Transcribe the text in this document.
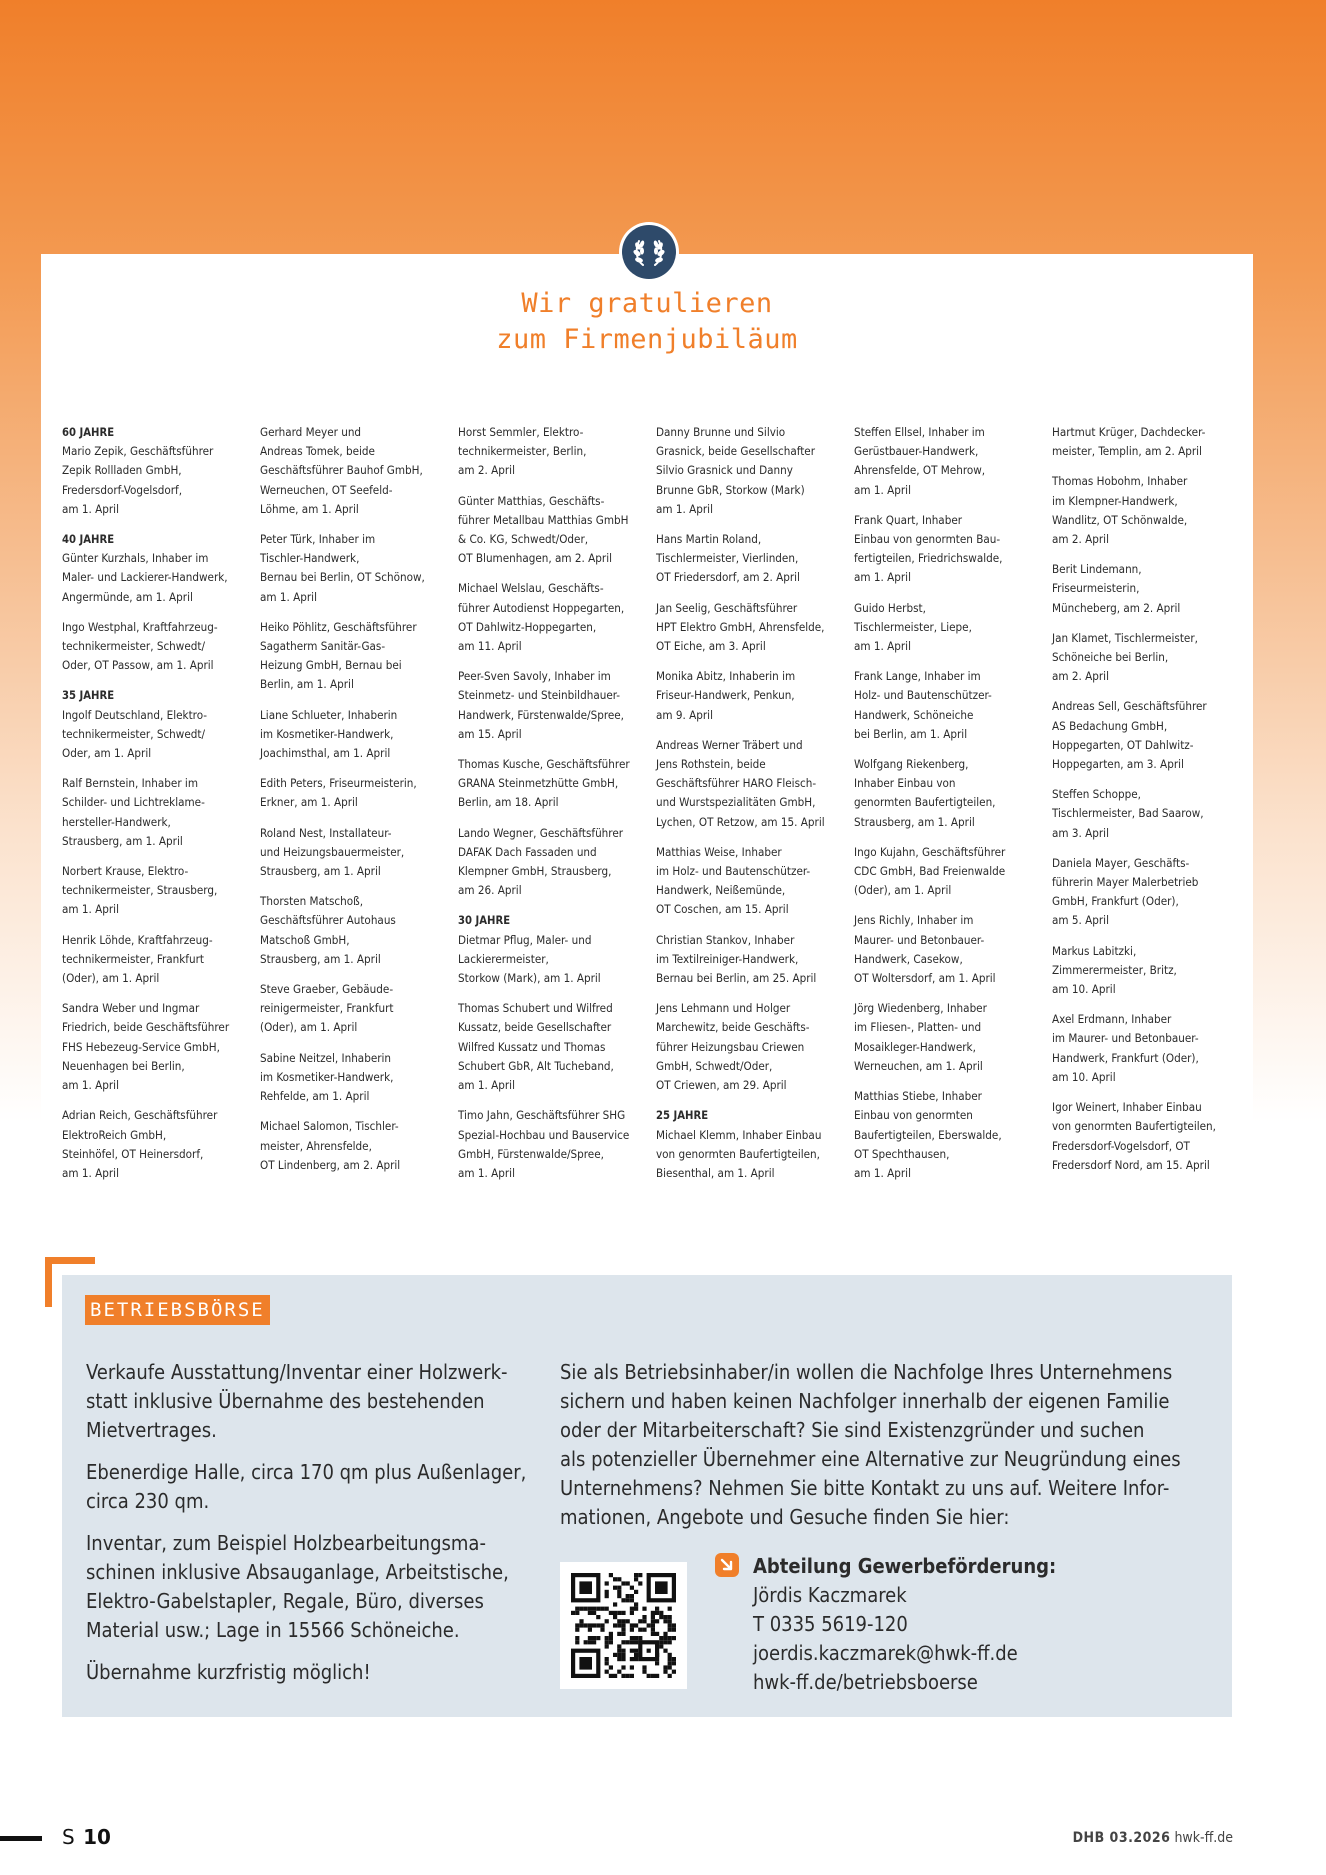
Wir gratulieren
zum Firmenjubiläum
60 JAHRE
Mario Zepik, Geschäftsführer
Zepik Rollladen GmbH,
Fredersdorf-Vogelsdorf,
am 1. April
40 JAHRE
Günter Kurzhals, Inhaber im
Maler- und Lackierer-Handwerk,
Angermünde, am 1. April
Ingo Westphal, Kraftfahrzeug-
technikermeister, Schwedt/
Oder, OT Passow, am 1. April
35 JAHRE
Ingolf Deutschland, Elektro-
technikermeister, Schwedt/
Oder, am 1. April
Ralf Bernstein, Inhaber im
Schilder- und Lichtreklame-
hersteller-Handwerk,
Strausberg, am 1. April
Norbert Krause, Elektro-
technikermeister, Strausberg,
am 1. April
Henrik Löhde, Kraftfahrzeug-
technikermeister, Frankfurt
(Oder), am 1. April
Sandra Weber und Ingmar
Friedrich, beide Geschäftsführer
FHS Hebezeug-Service GmbH,
Neuenhagen bei Berlin,
am 1. April
Adrian Reich, Geschäftsführer
ElektroReich GmbH,
Steinhöfel, OT Heinersdorf,
am 1. April
Gerhard Meyer und
Andreas Tomek, beide
Geschäftsführer Bauhof GmbH,
Werneuchen, OT Seefeld-
Löhme, am 1. April
Peter Türk, Inhaber im
Tischler-Handwerk,
Bernau bei Berlin, OT Schönow,
am 1. April
Heiko Pöhlitz, Geschäftsführer
Sagatherm Sanitär-Gas-
Heizung GmbH, Bernau bei
Berlin, am 1. April
Liane Schlueter, Inhaberin
im Kosmetiker-Handwerk,
Joachimsthal, am 1. April
Edith Peters, Friseurmeisterin,
Erkner, am 1. April
Roland Nest, Installateur-
und Heizungsbauermeister,
Strausberg, am 1. April
Thorsten Matschoß,
Geschäftsführer Autohaus
Matschoß GmbH,
Strausberg, am 1. April
Steve Graeber, Gebäude-
reinigermeister, Frankfurt
(Oder), am 1. April
Sabine Neitzel, Inhaberin
im Kosmetiker-Handwerk,
Rehfelde, am 1. April
Michael Salomon, Tischler-
meister, Ahrensfelde,
OT Lindenberg, am 2. April
Horst Semmler, Elektro-
technikermeister, Berlin,
am 2. April
Günter Matthias, Geschäfts-
führer Metallbau Matthias GmbH
& Co. KG, Schwedt/Oder,
OT Blumenhagen, am 2. April
Michael Welslau, Geschäfts-
führer Autodienst Hoppegarten,
OT Dahlwitz-Hoppegarten,
am 11. April
Peer-Sven Savoly, Inhaber im
Steinmetz- und Steinbildhauer-
Handwerk, Fürstenwalde/Spree,
am 15. April
Thomas Kusche, Geschäftsführer
GRANA Steinmetzhütte GmbH,
Berlin, am 18. April
Lando Wegner, Geschäftsführer
DAFAK Dach Fassaden und
Klempner GmbH, Strausberg,
am 26. April
30 JAHRE
Dietmar Pflug, Maler- und
Lackierermeister,
Storkow (Mark), am 1. April
Thomas Schubert und Wilfred
Kussatz, beide Gesellschafter
Wilfred Kussatz und Thomas
Schubert GbR, Alt Tucheband,
am 1. April
Timo Jahn, Geschäftsführer SHG
Spezial-Hochbau und Bauservice
GmbH, Fürstenwalde/Spree,
am 1. April
Danny Brunne und Silvio
Grasnick, beide Gesellschafter
Silvio Grasnick und Danny
Brunne GbR, Storkow (Mark)
am 1. April
Hans Martin Roland,
Tischlermeister, Vierlinden,
OT Friedersdorf, am 2. April
Jan Seelig, Geschäftsführer
HPT Elektro GmbH, Ahrensfelde,
OT Eiche, am 3. April
Monika Abitz, Inhaberin im
Friseur-Handwerk, Penkun,
am 9. April
Andreas Werner Träbert und
Jens Rothstein, beide
Geschäftsführer HARO Fleisch-
und Wurstspezialitäten GmbH,
Lychen, OT Retzow, am 15. April
Matthias Weise, Inhaber
im Holz- und Bautenschützer-
Handwerk, Neißemünde,
OT Coschen, am 15. April
Christian Stankov, Inhaber
im Textilreiniger-Handwerk,
Bernau bei Berlin, am 25. April
Jens Lehmann und Holger
Marchewitz, beide Geschäfts-
führer Heizungsbau Criewen
GmbH, Schwedt/Oder,
OT Criewen, am 29. April
25 JAHRE
Michael Klemm, Inhaber Einbau
von genormten Baufertigteilen,
Biesenthal, am 1. April
Steffen Ellsel, Inhaber im
Gerüstbauer-Handwerk,
Ahrensfelde, OT Mehrow,
am 1. April
Frank Quart, Inhaber
Einbau von genormten Bau-
fertigteilen, Friedrichswalde,
am 1. April
Guido Herbst,
Tischlermeister, Liepe,
am 1. April
Frank Lange, Inhaber im
Holz- und Bautenschützer-
Handwerk, Schöneiche
bei Berlin, am 1. April
Wolfgang Riekenberg,
Inhaber Einbau von
genormten Baufertigteilen,
Strausberg, am 1. April
Ingo Kujahn, Geschäftsführer
CDC GmbH, Bad Freienwalde
(Oder), am 1. April
Jens Richly, Inhaber im
Maurer- und Betonbauer-
Handwerk, Casekow,
OT Woltersdorf, am 1. April
Jörg Wiedenberg, Inhaber
im Fliesen-, Platten- und
Mosaikleger-Handwerk,
Werneuchen, am 1. April
Matthias Stiebe, Inhaber
Einbau von genormten
Baufertigteilen, Eberswalde,
OT Spechthausen,
am 1. April
Hartmut Krüger, Dachdecker-
meister, Templin, am 2. April
Thomas Hobohm, Inhaber
im Klempner-Handwerk,
Wandlitz, OT Schönwalde,
am 2. April
Berit Lindemann,
Friseurmeisterin,
Müncheberg, am 2. April
Jan Klamet, Tischlermeister,
Schöneiche bei Berlin,
am 2. April
Andreas Sell, Geschäftsführer
AS Bedachung GmbH,
Hoppegarten, OT Dahlwitz-
Hoppegarten, am 3. April
Steffen Schoppe,
Tischlermeister, Bad Saarow,
am 3. April
Daniela Mayer, Geschäfts-
führerin Mayer Malerbetrieb
GmbH, Frankfurt (Oder),
am 5. April
Markus Labitzki,
Zimmerermeister, Britz,
am 10. April
Axel Erdmann, Inhaber
im Maurer- und Betonbauer-
Handwerk, Frankfurt (Oder),
am 10. April
Igor Weinert, Inhaber Einbau
von genormten Baufertigteilen,
Fredersdorf-Vogelsdorf, OT
Fredersdorf Nord, am 15. April
BETRIEBSBÖRSE

Verkaufe Ausstattung/Inventar einer Holzwerk-
statt inklusive Übernahme des bestehenden
Mietvertrages.

Ebenerdige Halle, circa 170 qm plus Außenlager,
circa 230 qm.

Inventar, zum Beispiel Holzbearbeitungsma-
schinen inklusive Absauganlage, Arbeitstische,
Elektro-Gabelstapler, Regale, Büro, diverses
Material usw.; Lage in 15566 Schöneiche.

Übernahme kurzfristig möglich!

Sie als Betriebsinhaber/in wollen die Nachfolge Ihres Unternehmens
sichern und haben keinen Nachfolger innerhalb der eigenen Familie
oder der Mitarbeiterschaft? Sie sind Existenzgründer und suchen
als potenzieller Übernehmer eine Alternative zur Neugründung eines
Unternehmens? Nehmen Sie bitte Kontakt zu uns auf. Weitere Infor-
mationen, Angebote und Gesuche finden Sie hier:
Abteilung Gewerbeförderung:
Jördis Kaczmarek
T 0335 5619-120
joerdis.kaczmarek@hwk-ff.de
hwk-ff.de/betriebsboerse
S 10	DHB 03.2026 hwk-ff.de
